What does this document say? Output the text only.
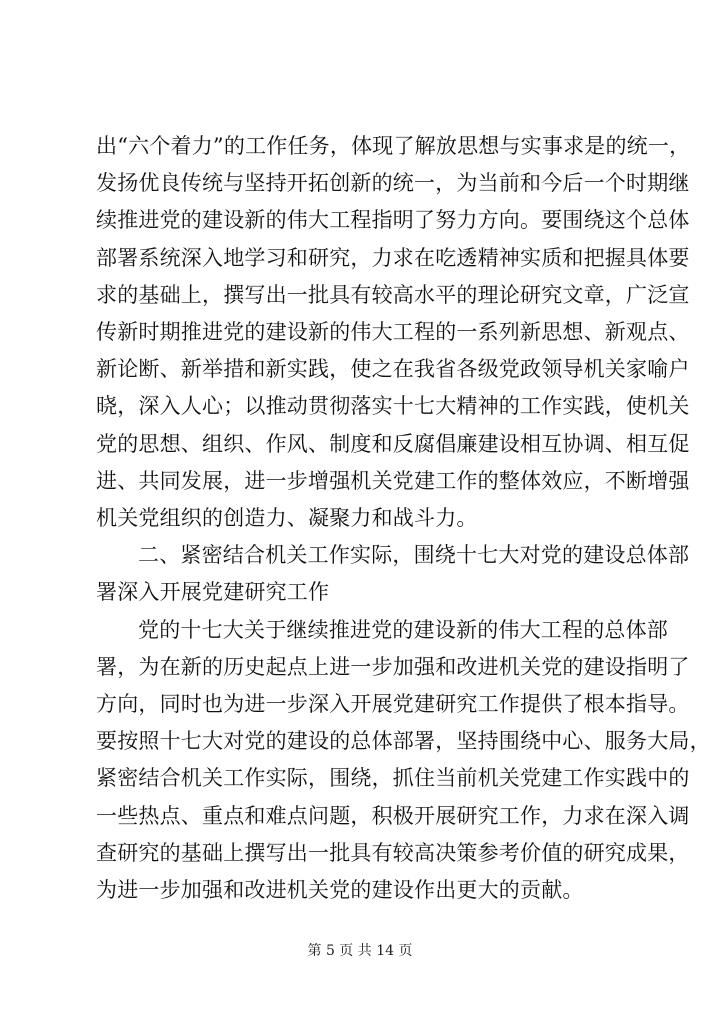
出“六个着力”的工作任务，体现了解放思想与实事求是的统一，
发扬优良传统与坚持开拓创新的统一，为当前和今后一个时期继
续推进党的建设新的伟大工程指明了努力方向。要围绕这个总体
部署系统深入地学习和研究，力求在吃透精神实质和把握具体要
求的基础上，撰写出一批具有较高水平的理论研究文章，广泛宣
传新时期推进党的建设新的伟大工程的一系列新思想、新观点、
新论断、新举措和新实践，使之在我省各级党政领导机关家喻户
晓，深入人心；以推动贯彻落实十七大精神的工作实践，使机关
党的思想、组织、作风、制度和反腐倡廉建设相互协调、相互促
进、共同发展，进一步增强机关党建工作的整体效应，不断增强
机关党组织的创造力、凝聚力和战斗力。

二、紧密结合机关工作实际，围绕十七大对党的建设总体部
署深入开展党建研究工作

党的十七大关于继续推进党的建设新的伟大工程的总体部
署，为在新的历史起点上进一步加强和改进机关党的建设指明了
方向，同时也为进一步深入开展党建研究工作提供了根本指导。
要按照十七大对党的建设的总体部署，坚持围绕中心、服务大局，
紧密结合机关工作实际，围绕，抓住当前机关党建工作实践中的
一些热点、重点和难点问题，积极开展研究工作，力求在深入调
查研究的基础上撰写出一批具有较高决策参考价值的研究成果，
为进一步加强和改进机关党的建设作出更大的贡献。

第 5 页 共 14 页
